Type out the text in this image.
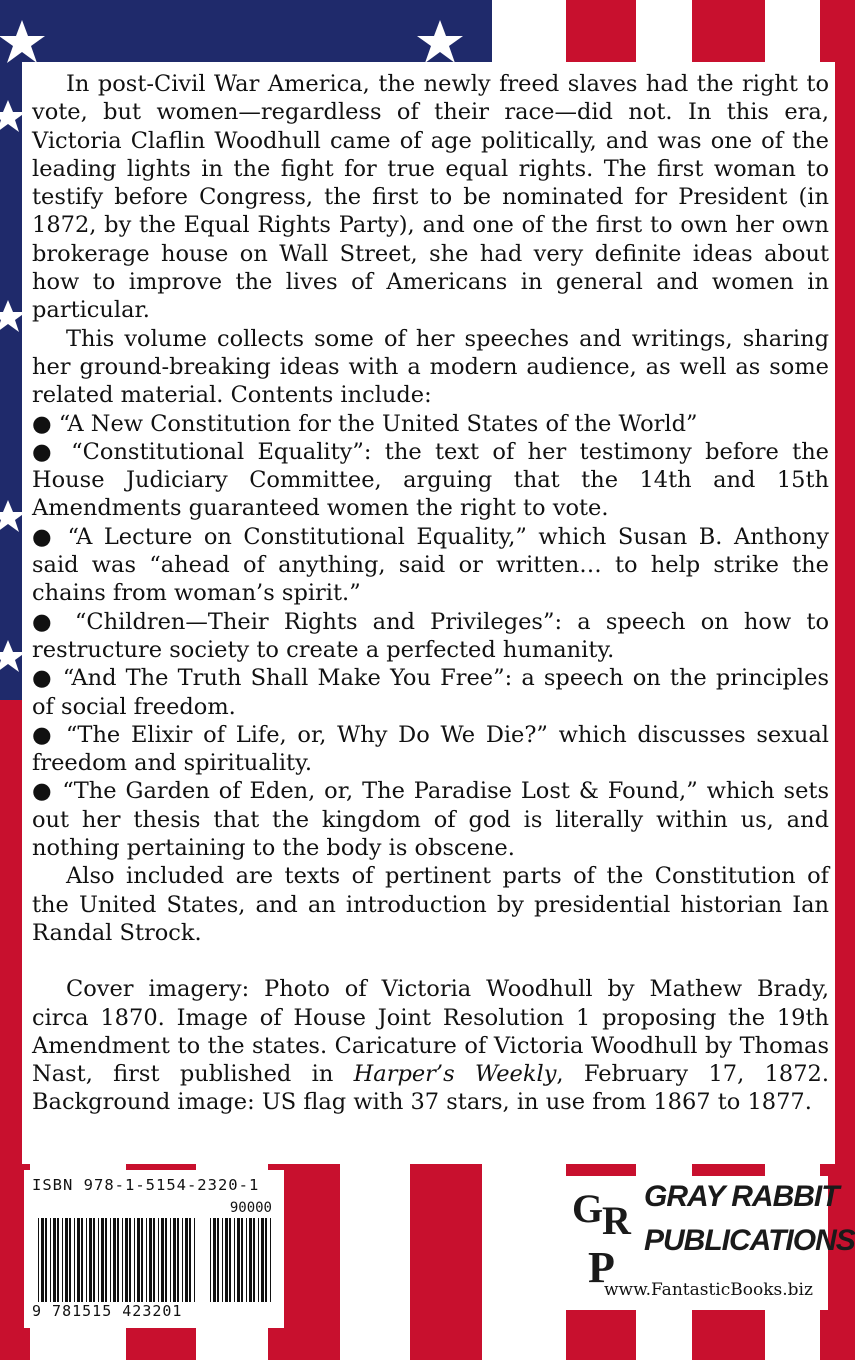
In post-Civil War America, the newly freed slaves had the right to vote, but women—regardless of their race—did not. In this era, Victoria Claflin Woodhull came of age politically, and was one of the leading lights in the fight for true equal rights. The first woman to testify before Congress, the first to be nominated for President (in 1872, by the Equal Rights Party), and one of the first to own her own brokerage house on Wall Street, she had very definite ideas about how to improve the lives of Americans in general and women in particular.

This volume collects some of her speeches and writings, sharing her ground-breaking ideas with a modern audience, as well as some related material. Contents include:

● “A New Constitution for the United States of the World”

● “Constitutional Equality”: the text of her testimony before the House Judiciary Committee, arguing that the 14th and 15th Amendments guaranteed women the right to vote.

● “A Lecture on Constitutional Equality,” which Susan B. Anthony said was “ahead of anything, said or written… to help strike the chains from woman’s spirit.”

● “Children—Their Rights and Privileges”: a speech on how to restructure society to create a perfected humanity.

● “And The Truth Shall Make You Free”: a speech on the principles of social freedom.

● “The Elixir of Life, or, Why Do We Die?” which discusses sexual freedom and spirituality.

● “The Garden of Eden, or, The Paradise Lost & Found,” which sets out her thesis that the kingdom of god is literally within us, and nothing pertaining to the body is obscene.

Also included are texts of pertinent parts of the Constitution of the United States, and an introduction by presidential historian Ian Randal Strock.

Cover imagery: Photo of Victoria Woodhull by Mathew Brady, circa 1870. Image of House Joint Resolution 1 proposing the 19th Amendment to the states. Caricature of Victoria Woodhull by Thomas Nast, first published in Harper’s Weekly, February 17, 1872. Background image: US flag with 37 stars, in use from 1867 to 1877.

ISBN 978-1-5154-2320-1
90000
9 781515 423201
G
R
P
GRAY RABBIT
PUBLICATIONS
www.FantasticBooks.biz
